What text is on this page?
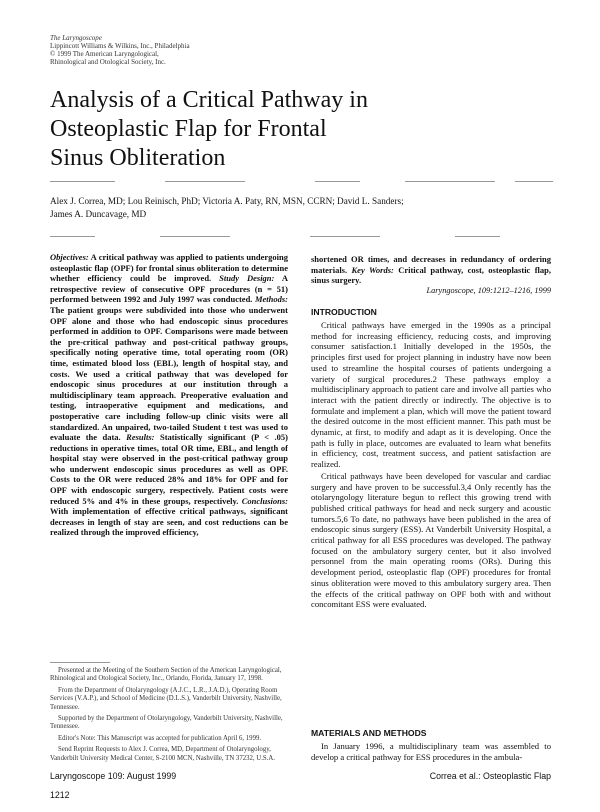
The Laryngoscope
Lippincott Williams & Wilkins, Inc., Philadelphia
© 1999 The American Laryngological,
Rhinological and Otological Society, Inc.
Analysis of a Critical Pathway in
Osteoplastic Flap for Frontal
Sinus Obliteration
Alex J. Correa, MD; Lou Reinisch, PhD; Victoria A. Paty, RN, MSN, CCRN; David L. Sanders;
James A. Duncavage, MD
Objectives: A critical pathway was applied to patients undergoing osteoplastic flap (OPF) for frontal sinus obliteration to determine whether efficiency could be improved. Study Design: A retrospective review of consecutive OPF procedures (n = 51) performed between 1992 and July 1997 was conducted. Methods: The patient groups were subdivided into those who underwent OPF alone and those who had endoscopic sinus procedures performed in addition to OPF. Comparisons were made between the pre-critical pathway and post-critical pathway groups, specifically noting operative time, total operating room (OR) time, estimated blood loss (EBL), length of hospital stay, and costs. We used a critical pathway that was developed for endoscopic sinus procedures at our institution through a multidisciplinary team approach. Preoperative evaluation and testing, intraoperative equipment and medications, and postoperative care including follow-up clinic visits were all standardized. An unpaired, two-tailed Student t test was used to evaluate the data. Results: Statistically significant (P < .05) reductions in operative times, total OR time, EBL, and length of hospital stay were observed in the post-critical pathway group who underwent endoscopic sinus procedures as well as OPF. Costs to the OR were reduced 28% and 18% for OPF and for OPF with endoscopic surgery, respectively. Patient costs were reduced 5% and 4% in these groups, respectively. Conclusions: With implementation of effective critical pathways, significant decreases in length of stay are seen, and cost reductions can be realized through the improved efficiency,

Presented at the Meeting of the Southern Section of the American Laryngological, Rhinological and Otological Society, Inc., Orlando, Florida, January 17, 1998.

From the Department of Otolaryngology (A.J.C., L.R., J.A.D.), Operating Room Services (V.A.P.), and School of Medicine (D.L.S.), Vanderbilt University, Nashville, Tennessee.

Supported by the Department of Otolaryngology, Vanderbilt University, Nashville, Tennessee.

Editor's Note: This Manuscript was accepted for publication April 6, 1999.

Send Reprint Requests to Alex J. Correa, MD, Department of Otolaryngology, Vanderbilt University Medical Center, S-2100 MCN, Nashville, TN 37232, U.S.A.

shortened OR times, and decreases in redundancy of ordering materials. Key Words: Critical pathway, cost, osteoplastic flap, sinus surgery.
Laryngoscope, 109:1212–1216, 1999
INTRODUCTION

Critical pathways have emerged in the 1990s as a principal method for increasing efficiency, reducing costs, and improving consumer satisfaction.1 Initially developed in the 1950s, the principles first used for project planning in industry have now been used to streamline the hospital courses of patients undergoing a variety of surgical procedures.2 These pathways employ a multidisciplinary approach to patient care and involve all parties who interact with the patient directly or indirectly. The objective is to formulate and implement a plan, which will move the patient toward the desired outcome in the most efficient manner. This path must be dynamic, at first, to modify and adapt as it is developing. Once the path is fully in place, outcomes are evaluated to learn what benefits in efficiency, cost, treatment success, and patient satisfaction are realized.

Critical pathways have been developed for vascular and cardiac surgery and have proven to be successful.3,4 Only recently has the otolaryngology literature begun to reflect this growing trend with published critical pathways for head and neck surgery and acoustic tumors.5,6 To date, no pathways have been published in the area of endoscopic sinus surgery (ESS). At Vanderbilt University Hospital, a critical pathway for all ESS procedures was developed. The pathway focused on the ambulatory surgery center, but it also involved personnel from the main operating rooms (ORs). During this development period, osteoplastic flap (OPF) procedures for frontal sinus obliteration were moved to this ambulatory surgery area. Then the effects of the critical pathway on OPF both with and without concomitant ESS were evaluated.

MATERIALS AND METHODS

In January 1996, a multidisciplinary team was assembled to develop a critical pathway for ESS procedures in the ambula-

Laryngoscope 109: August 1999
1212
Correa et al.: Osteoplastic Flap
